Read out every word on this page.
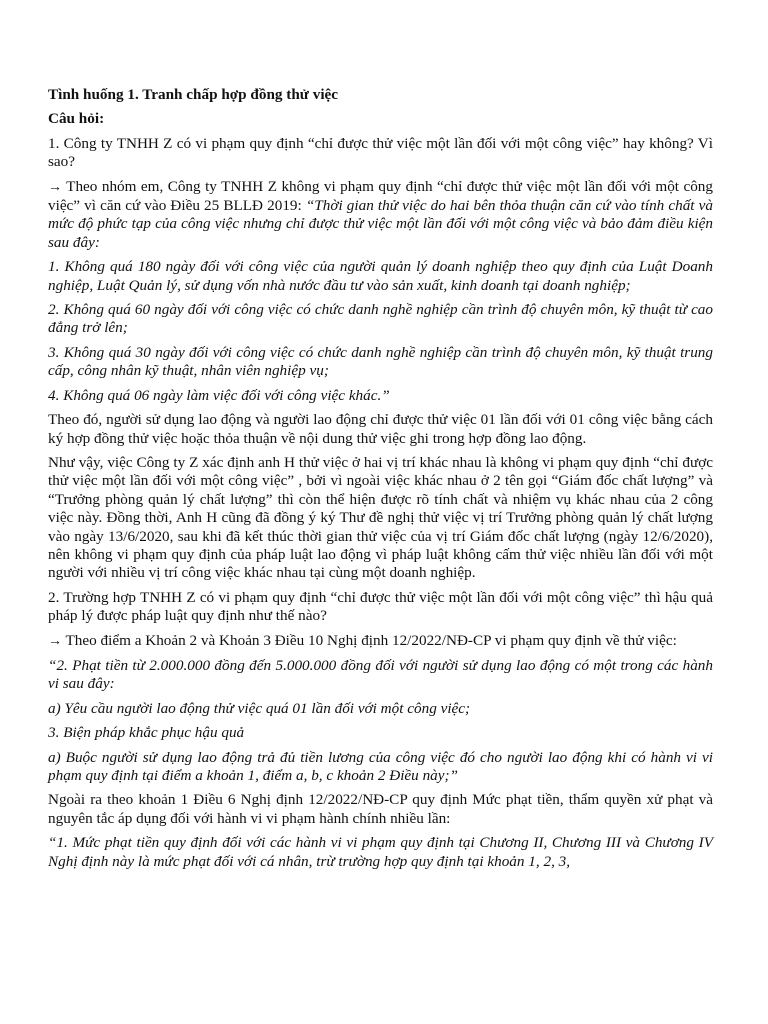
Tình huống 1. Tranh chấp hợp đồng thử việc

Câu hỏi:

1. Công ty TNHH Z có vi phạm quy định “chỉ được thử việc một lần đối với một công việc” hay không? Vì sao?

→ Theo nhóm em, Công ty TNHH Z không vi phạm quy định “chỉ được thử việc một lần đối với một công việc” vì căn cứ vào Điều 25 BLLĐ 2019: “Thời gian thử việc do hai bên thỏa thuận căn cứ vào tính chất và mức độ phức tạp của công việc nhưng chỉ được thử việc một lần đối với một công việc và bảo đảm điều kiện sau đây:

1. Không quá 180 ngày đối với công việc của người quản lý doanh nghiệp theo quy định của Luật Doanh nghiệp, Luật Quản lý, sử dụng vốn nhà nước đầu tư vào sản xuất, kinh doanh tại doanh nghiệp;

2. Không quá 60 ngày đối với công việc có chức danh nghề nghiệp cần trình độ chuyên môn, kỹ thuật từ cao đẳng trở lên;

3. Không quá 30 ngày đối với công việc có chức danh nghề nghiệp cần trình độ chuyên môn, kỹ thuật trung cấp, công nhân kỹ thuật, nhân viên nghiệp vụ;

4. Không quá 06 ngày làm việc đối với công việc khác.”

Theo đó, người sử dụng lao động và người lao động chỉ được thử việc 01 lần đối với 01 công việc bằng cách ký hợp đồng thử việc hoặc thỏa thuận về nội dung thử việc ghi trong hợp đồng lao động.

Như vậy, việc Công ty Z xác định anh H thử việc ở hai vị trí khác nhau là không vi phạm quy định “chỉ được thử việc một lần đối với một công việc” , bởi vì ngoài việc khác nhau ở 2 tên gọi “Giám đốc chất lượng” và “Trưởng phòng quản lý chất lượng” thì còn thể hiện được rõ tính chất và nhiệm vụ khác nhau của 2 công việc này. Đồng thời, Anh H cũng đã đồng ý ký Thư đề nghị thử việc vị trí Trưởng phòng quản lý chất lượng vào ngày 13/6/2020, sau khi đã kết thúc thời gian thử việc của vị trí Giám đốc chất lượng (ngày 12/6/2020), nên không vi phạm quy định của pháp luật lao động vì pháp luật không cấm thử việc nhiều lần đối với một người với nhiều vị trí công việc khác nhau tại cùng một doanh nghiệp.

2. Trường hợp TNHH Z có vi phạm quy định “chỉ được thử việc một lần đối với một công việc” thì hậu quả pháp lý được pháp luật quy định như thế nào?

→ Theo điểm a Khoản 2 và Khoản 3 Điều 10 Nghị định 12/2022/NĐ-CP vi phạm quy định về thử việc:

“2. Phạt tiền từ 2.000.000 đồng đến 5.000.000 đồng đối với người sử dụng lao động có một trong các hành vi sau đây:

a) Yêu cầu người lao động thử việc quá 01 lần đối với một công việc;

3. Biện pháp khắc phục hậu quả

a) Buộc người sử dụng lao động trả đủ tiền lương của công việc đó cho người lao động khi có hành vi vi phạm quy định tại điểm a khoản 1, điểm a, b, c khoản 2 Điều này;”

Ngoài ra theo khoản 1 Điều 6 Nghị định 12/2022/NĐ-CP quy định Mức phạt tiền, thẩm quyền xử phạt và nguyên tắc áp dụng đối với hành vi vi phạm hành chính nhiều lần:

“1. Mức phạt tiền quy định đối với các hành vi vi phạm quy định tại Chương II, Chương III và Chương IV Nghị định này là mức phạt đối với cá nhân, trừ trường hợp quy định tại khoản 1, 2, 3,
